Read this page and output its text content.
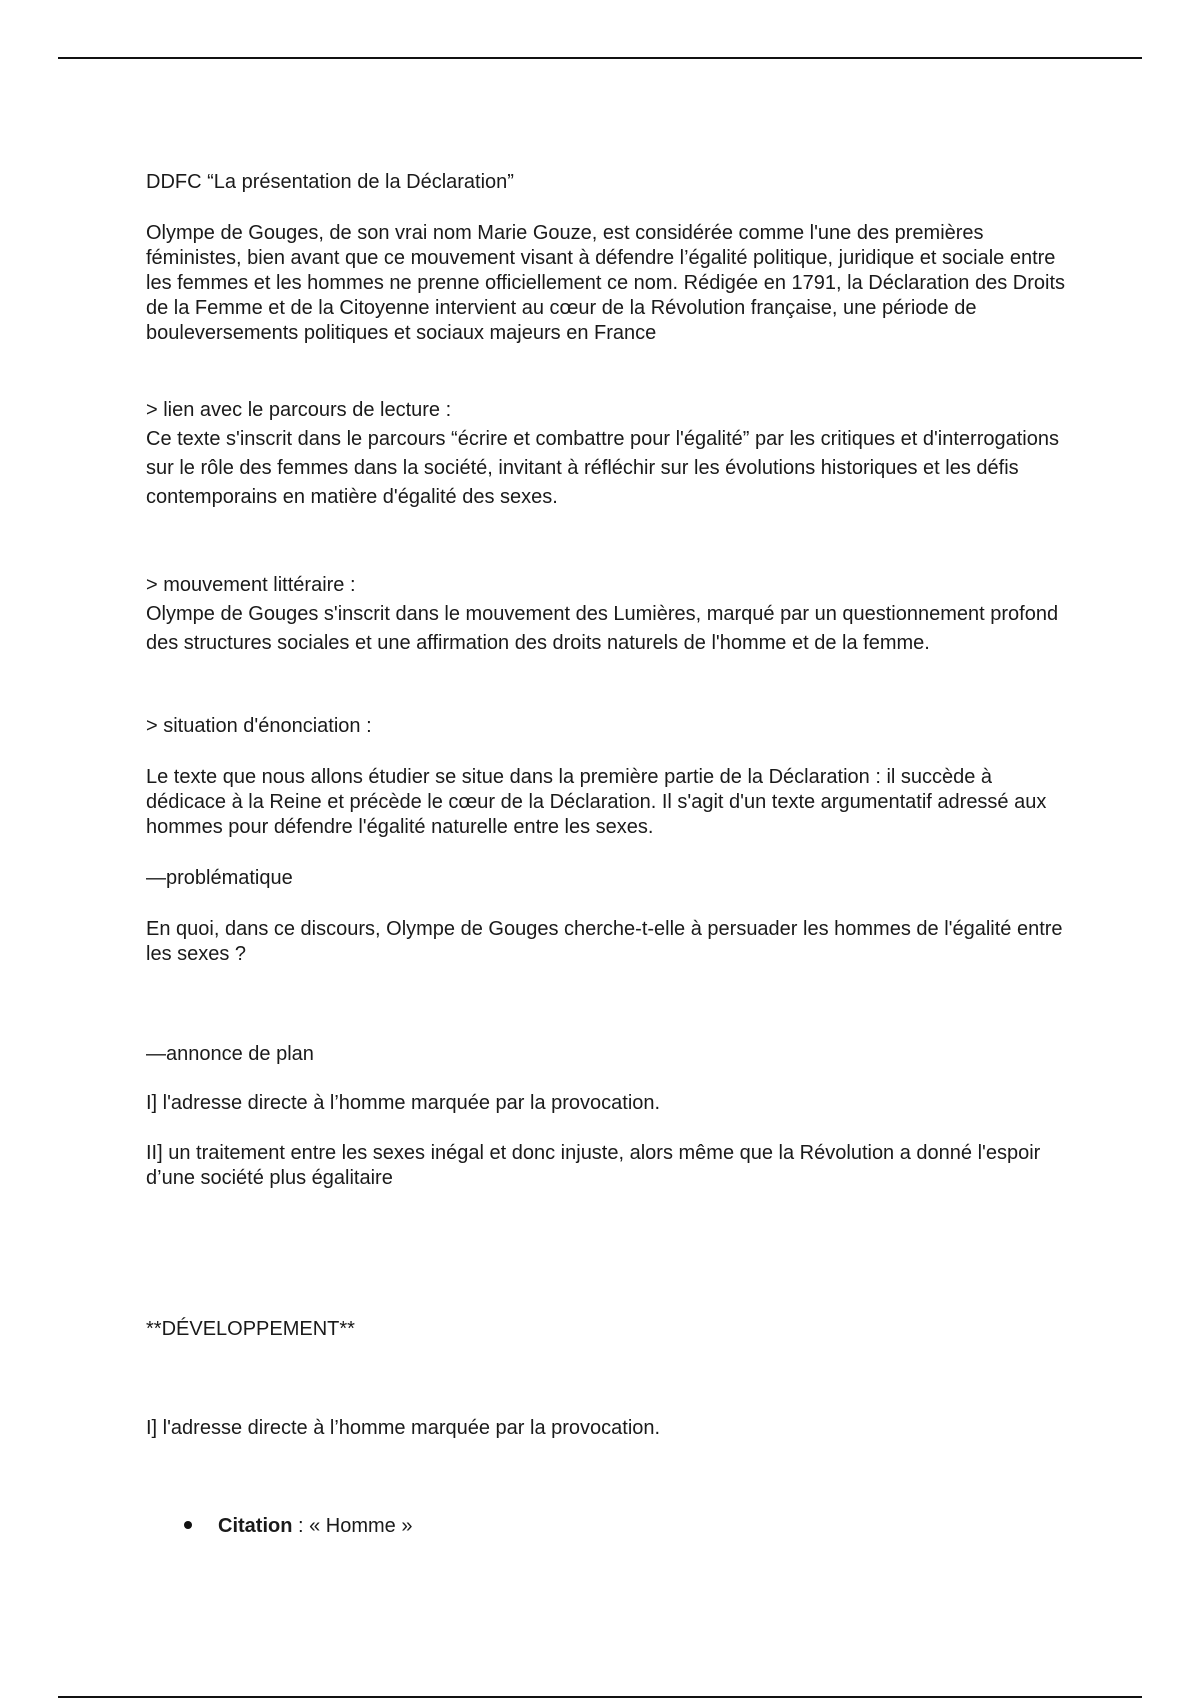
DDFC “La présentation de la Déclaration”

Olympe de Gouges, de son vrai nom Marie Gouze, est considérée comme l'une des premières féministes, bien avant que ce mouvement visant à défendre l’égalité politique, juridique et sociale entre les femmes et les hommes ne prenne officiellement ce nom. Rédigée en 1791, la Déclaration des Droits de la Femme et de la Citoyenne intervient au cœur de la Révolution française, une période de bouleversements politiques et sociaux majeurs en France

> lien avec le parcours de lecture :

Ce texte s'inscrit dans le parcours “écrire et combattre pour l'égalité” par les critiques et d'interrogations sur le rôle des femmes dans la société, invitant à réfléchir sur les évolutions historiques et les défis contemporains en matière d'égalité des sexes.

> mouvement littéraire :

Olympe de Gouges s'inscrit dans le mouvement des Lumières, marqué par un questionnement profond des structures sociales et une affirmation des droits naturels de l'homme et de la femme.

> situation d'énonciation :

Le texte que nous allons étudier se situe dans la première partie de la Déclaration : il succède à dédicace à la Reine et précède le cœur de la Déclaration. Il s'agit d'un texte argumentatif adressé aux hommes pour défendre l'égalité naturelle entre les sexes.

—problématique

En quoi, dans ce discours, Olympe de Gouges cherche-t-elle à persuader les hommes de l'égalité entre les sexes ?

—annonce de plan

I] l'adresse directe à l’homme marquée par la provocation.

II] un traitement entre les sexes inégal et donc injuste, alors même que la Révolution a donné l'espoir d’une société plus égalitaire

**DÉVELOPPEMENT**

I] l'adresse directe à l’homme marquée par la provocation.

Citation : « Homme »
